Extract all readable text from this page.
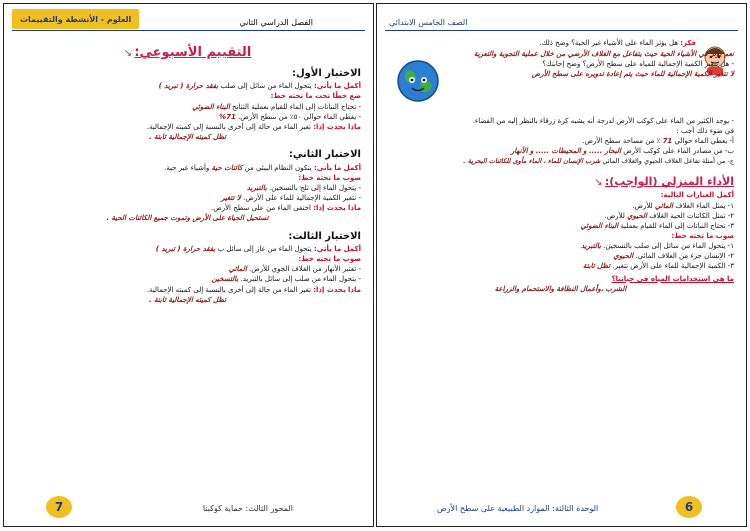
العلوم - الأنشطة والتقييمات	الفصل الدراسي الثاني
التقييم الأسبوعي: ↘
الاختبار الأول:
أكمل ما يأتي: يتحول الماء من سائل إلى صلب بفقد حرارة ( تبريد )
ضع خطًا تحت ما تحته خط:
- تحتاج النباتات إلى الماء للقيام بعملية التناتح البناء الضوئي
- يغطي الماء حوالي ٥٠٪ من سطح الأرض. 71%
ماذا يحدث إذا: تغير الماء من حالة إلى أخرى بالنسبة إلى كميته الإجمالية.
تظل كميته الإجمالية ثابتة .
الاختبار الثاني:
أكمل ما يأتي: يتكون النظام البيئي من كائنات حية وأشياء غير حية.
صوب ما تحته خط:
- يتحول الماء إلى ثلج بالتسخين. بالتبريد
- تتغير الكمية الإجمالية للماء على الأرض. لا تتغير
ماذا يحدث إذا: اختفى الماء من على سطح الأرض.
تستحيل الحياة على الأرض وتموت جميع الكائنات الحية .
الاختبار الثالث:
أكمل ما يأتي: يتحول الماء من غاز إلى سائل ب بفقد حرارة ( تبريد )
صوب ما تحته خط:
- تعتبر الأنهار من الغلاف الجوي للأرض. المائي
- يتحول الماء من صلب إلى سائل بالتبريد. بالتسخين
ماذا يحدث إذا: تغير الماء من حالة إلى أخرى بالنسبة إلى كميته الإجمالية.
تظل كميته الإجمالية ثابتة .
7	المحور الثالث: حماية كوكبنا
الصف الخامس الابتدائي
فكر: هل يؤثر الماء على الأشياء غير الحية؟ وضح ذلك.
نعم يؤثر في الأشياء الحية حيث يتفاعل مع الغلاف الأرضي من خلال عملية التجوية والتعرية
- هل تتغير الكمية الإجمالية للمياه على سطح الأرض؟ وضح إجابتك؟
لا تتغير الكمية الإجمالية للماء حيث يتم إعادة تدويره على سطح الأرض
- يوجد الكثير من الماء على كوكب الأرض لدرجة أنه يشبه كرة زرقاء بالنظر إليه من الفضاء.
في ضوء ذلك أجب :
أ- يغطي الماء حوالي 71 ٪ من مساحة سطح الأرض.
ب- من مصادر الماء على كوكب الأرض البحار ..... و المحيطات ..... و الأنهار
ج- من أمثلة تفاعل الغلاف الحيوي والغلاف المائي شرب الإنسان للماء ، الماء مأوى للكائنات البحرية .
الأداء المنزلي (الواجب): ↘
أكمل العبارات التالية:
١- يمثل الماء الغلاف المائي للأرض.
٢- تمثل الكائنات الحية الغلاف الحيوي للأرض.
٣- تحتاج النباتات إلى الماء للقيام بعملية البناء الضوئي
صوب ما تحته خط:
١- يتحول الماء من سائل إلى صلب بالتسخين. بالتبريد
٢- الإنسان جزء من الغلاف المائي. الحيوي
٣- الكمية الإجمالية للماء على الأرض تتغير. تظل ثابتة
ما هي استخدامات المياه في حياتنا؟
الشرب ،وأعمال النظافة والاستحمام والزراعة
6
الوحدة الثالثة: الموارد الطبيعية على سطح الأرض
